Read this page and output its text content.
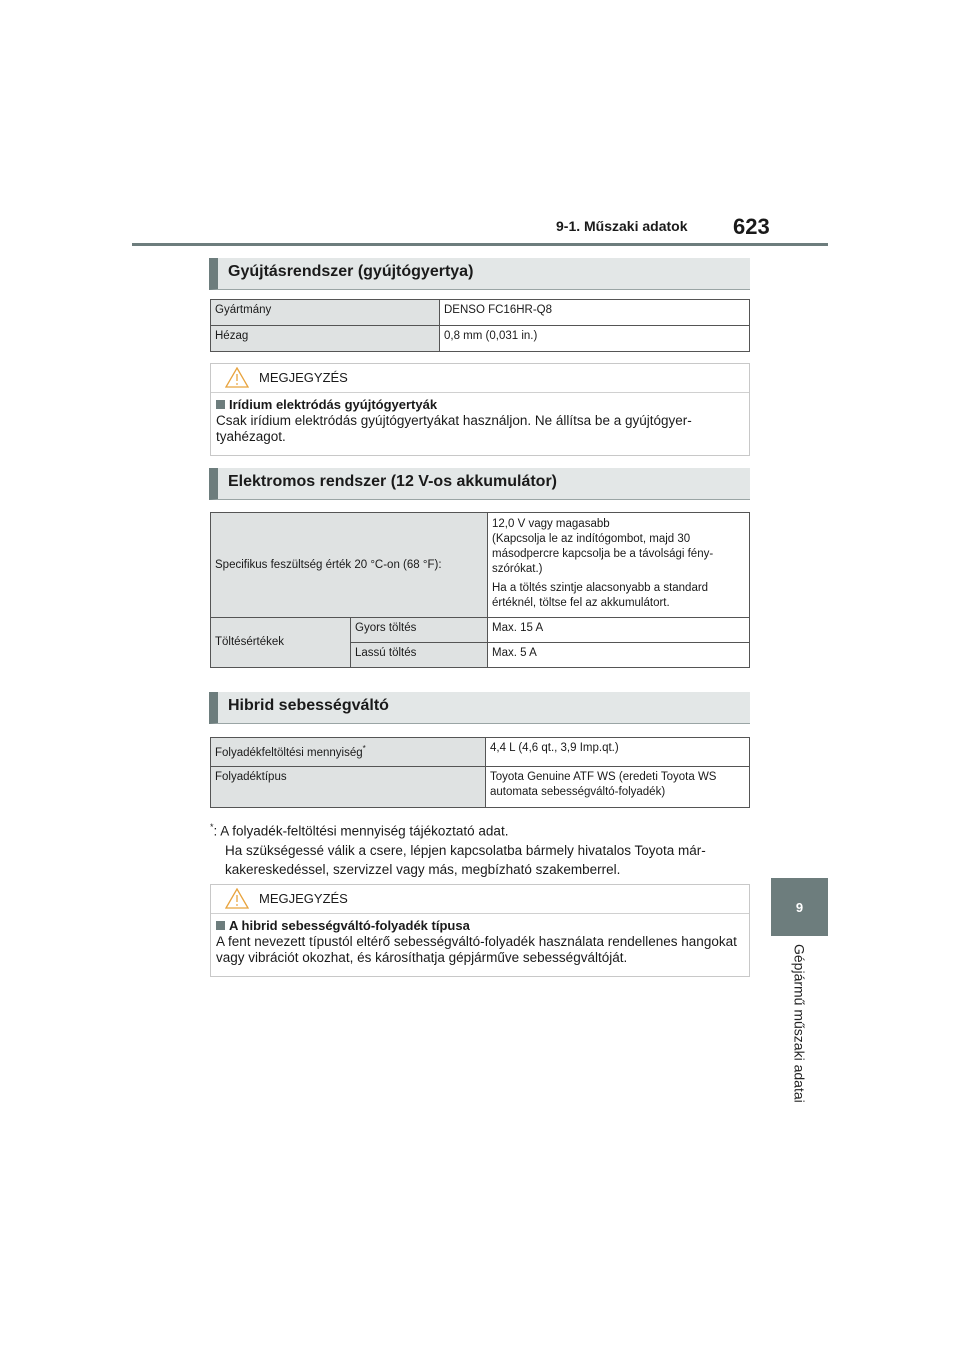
9-1. Műszaki adatok 623
9
Gépjármű műszaki adatai
Gyújtásrendszer (gyújtógyertya)
Gyártmány	DENSO FC16HR-Q8
Hézag	0,8 mm (0,031 in.)
MEGJEGYZÉS
Irídium elektródás gyújtógyertyák
Csak irídium elektródás gyújtógyertyákat használjon. Ne állítsa be a gyújtógyer-tyahézagot.
Elektromos rendszer (12 V-os akkumulátor)
Specifikus feszültség érték 20 °C-on (68 °F):		12,0 V vagy magasabb
(Kapcsolja le az indítógombot, majd 30 másodpercre kapcsolja be a távolsági fény-szórókat.)
Ha a töltés szintje alacsonyabb a standard értéknél, töltse fel az akkumulátort.

Töltésértékek	Gyors töltés	Max. 15 A
	Lassú töltés	Max. 5 A
Hibrid sebességváltó
Folyadékfeltöltési mennyiség*	4,4 L (4,6 qt., 3,9 Imp.qt.)
Folyadéktípus	Toyota Genuine ATF WS (eredeti Toyota WS automata sebességváltó-folyadék)
*: A folyadék-feltöltési mennyiség tájékoztató adat.
Ha szükségessé válik a csere, lépjen kapcsolatba bármely hivatalos Toyota már-kakereskedéssel, szervizzel vagy más, megbízható szakemberrel.
MEGJEGYZÉS
A hibrid sebességváltó-folyadék típusa
A fent nevezett típustól eltérő sebességváltó-folyadék használata rendellenes hangokat vagy vibrációt okozhat, és károsíthatja gépjárműve sebességváltóját.
